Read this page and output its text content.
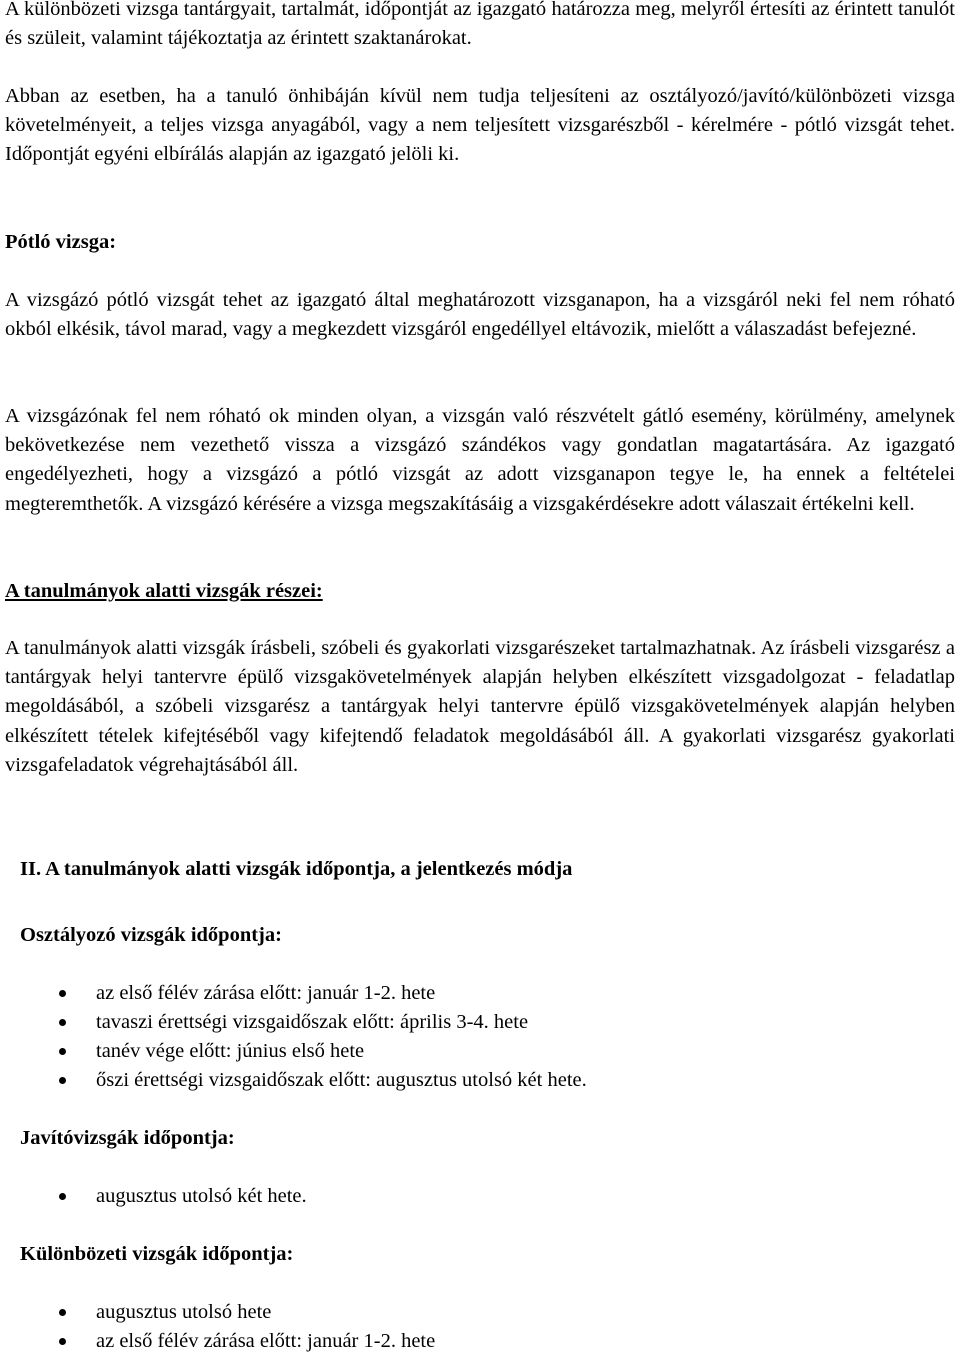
A különbözeti vizsga tantárgyait, tartalmát, időpontját az igazgató határozza meg, melyről értesíti az érintett tanulót és szüleit, valamint tájékoztatja az érintett szaktanárokat.

Abban az esetben, ha a tanuló önhibáján kívül nem tudja teljesíteni az osztályozó/javító/különbözeti vizsga követelményeit, a teljes vizsga anyagából, vagy a nem teljesített vizsgarészből - kérelmére - pótló vizsgát tehet. Időpontját egyéni elbírálás alapján az igazgató jelöli ki.

Pótló vizsga:

A vizsgázó pótló vizsgát tehet az igazgató által meghatározott vizsganapon, ha a vizsgáról neki fel nem róható okból elkésik, távol marad, vagy a megkezdett vizsgáról engedéllyel eltávozik, mielőtt a válaszadást befejezné.

A vizsgázónak fel nem róható ok minden olyan, a vizsgán való részvételt gátló esemény, körülmény, amelynek bekövetkezése nem vezethető vissza a vizsgázó szándékos vagy gondatlan magatartására. Az igazgató engedélyezheti, hogy a vizsgázó a pótló vizsgát az adott vizsganapon tegye le, ha ennek a feltételei megteremthetők. A vizsgázó kérésére a vizsga megszakításáig a vizsgakérdésekre adott válaszait értékelni kell.

A tanulmányok alatti vizsgák részei:

A tanulmányok alatti vizsgák írásbeli, szóbeli és gyakorlati vizsgarészeket tartalmazhatnak. Az írásbeli vizsgarész a tantárgyak helyi tantervre épülő vizsgakövetelmények alapján helyben elkészített vizsgadolgozat - feladatlap megoldásából, a szóbeli vizsgarész a tantárgyak helyi tantervre épülő vizsgakövetelmények alapján helyben elkészített tételek kifejtéséből vagy kifejtendő feladatok megoldásából áll. A gyakorlati vizsgarész gyakorlati vizsgafeladatok végrehajtásából áll.

II. A tanulmányok alatti vizsgák időpontja, a jelentkezés módja
Osztályozó vizsgák időpontja:
az első félév zárása előtt: január 1-2. hete
tavaszi érettségi vizsgaidőszak előtt: április 3-4. hete
tanév vége előtt: június első hete
őszi érettségi vizsgaidőszak előtt: augusztus utolsó két hete.
Javítóvizsgák időpontja:
augusztus utolsó két hete.
Különbözeti vizsgák időpontja:
augusztus utolsó hete
az első félév zárása előtt: január 1-2. hete
